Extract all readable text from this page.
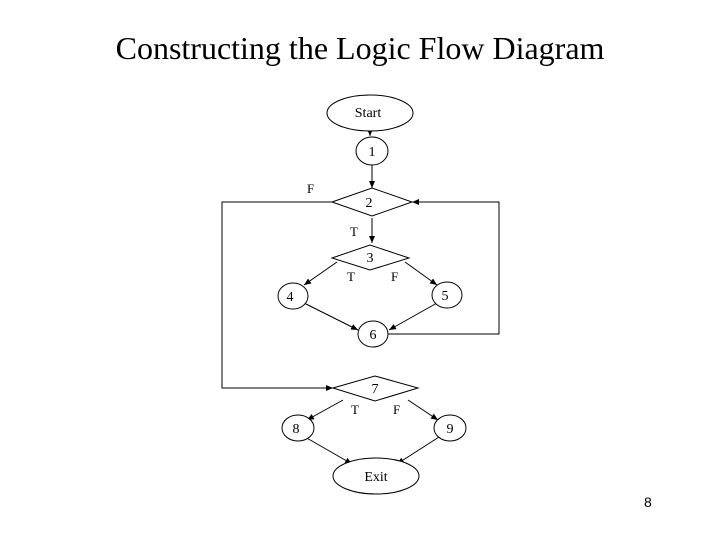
Constructing the Logic Flow Diagram
Start
1
2
3
4	5
6
7
8	9
Exit
F
T
T	F
T	F
8
